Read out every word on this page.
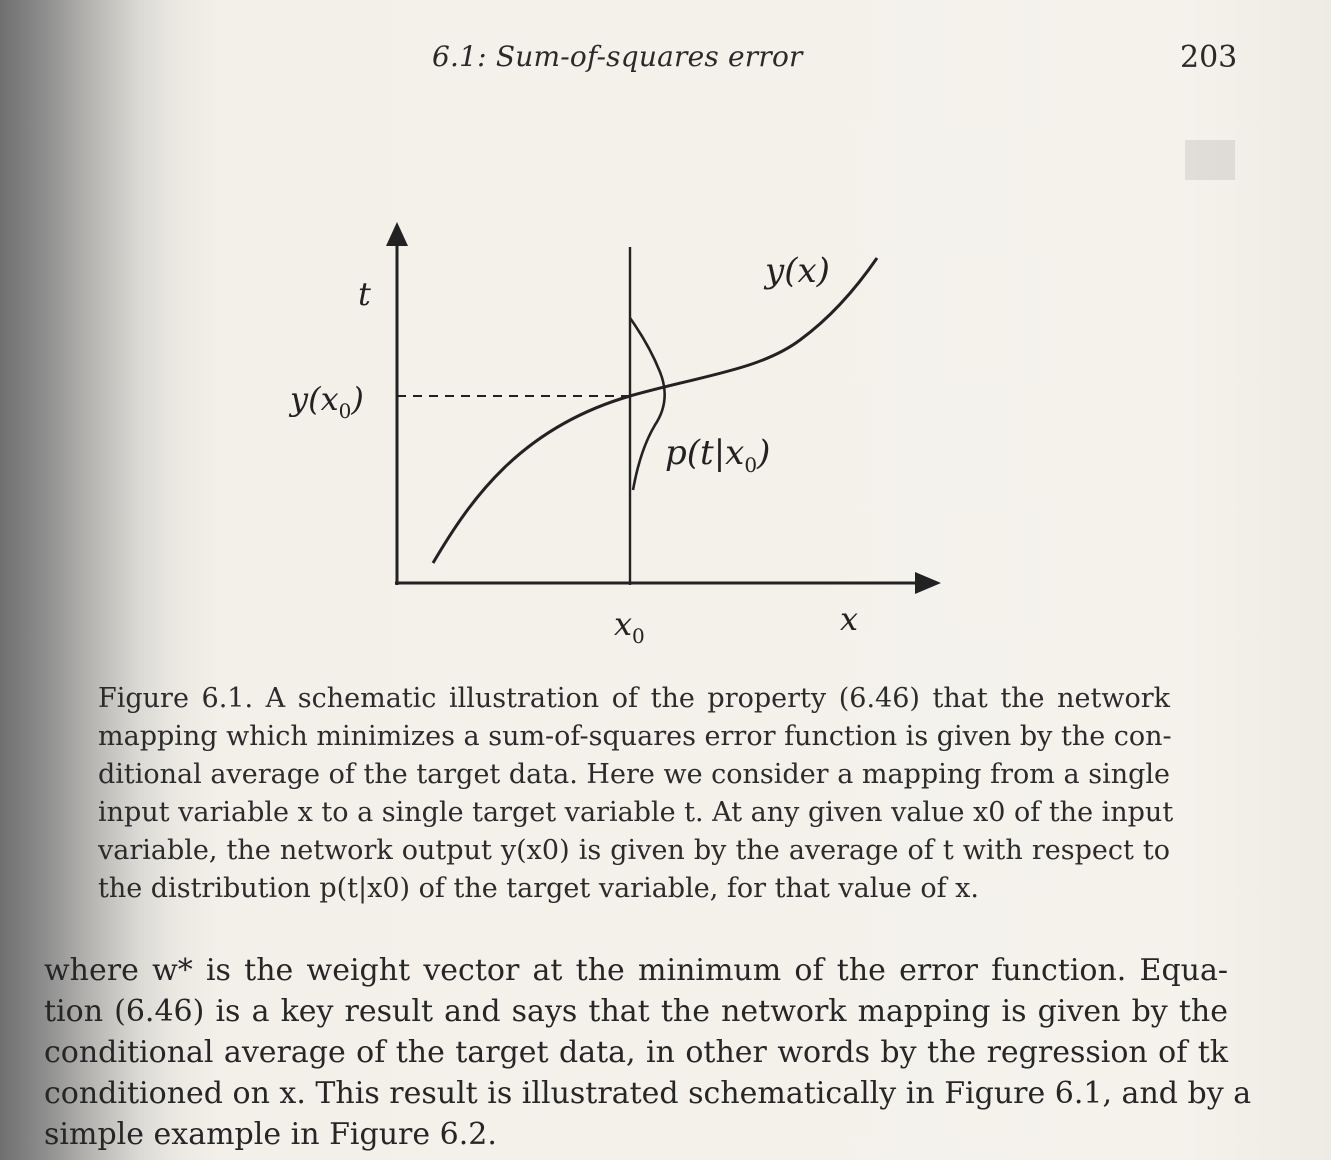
6.1: Sum-of-squares error	203
t
x
$x_0$
$y(x_0)$
y(x)
$p(t|x_0)$
Figure 6.1. A schematic illustration of the property (6.46) that the network
mapping which minimizes a sum-of-squares error function is given by the con-
ditional average of the target data. Here we consider a mapping from a single
input variable x to a single target variable t. At any given value x0 of the input
variable, the network output y(x0) is given by the average of t with respect to
the distribution p(t|x0) of the target variable, for that value of x.
where w* is the weight vector at the minimum of the error function. Equa-
tion (6.46) is a key result and says that the network mapping is given by the
conditional average of the target data, in other words by the regression of tk
conditioned on x. This result is illustrated schematically in Figure 6.1, and by a
simple example in Figure 6.2.
